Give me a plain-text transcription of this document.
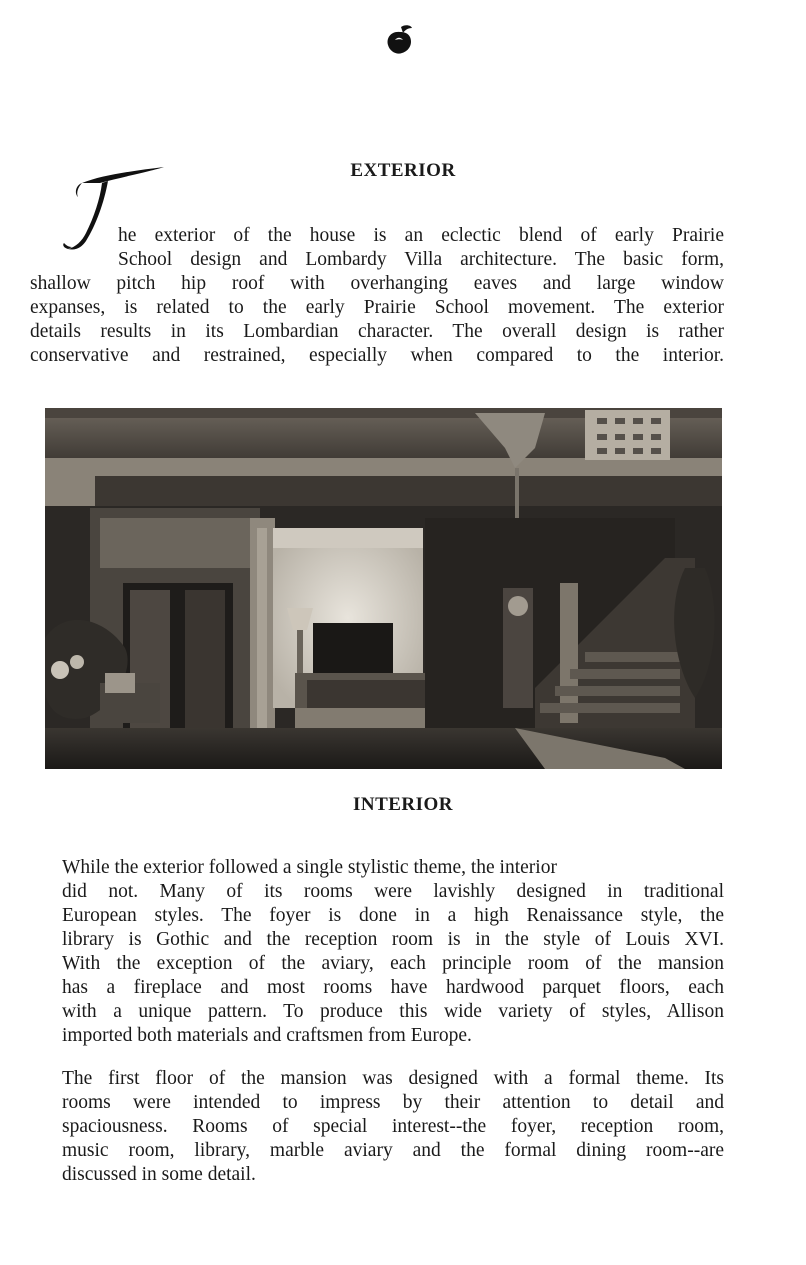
EXTERIOR

he exterior of the house is an eclectic blend of early Prairie
School design and Lombardy Villa architecture. The basic form,
shallow pitch hip roof with overhanging eaves and large window
expanses, is related to the early Prairie School movement. The exterior
details results in its Lombardian character. The overall design is rather
conservative and restrained, especially when compared to the interior.

INTERIOR

While the exterior followed a single stylistic theme, the interior
did not. Many of its rooms were lavishly designed in traditional
European styles. The foyer is done in a high Renaissance style, the
library is Gothic and the reception room is in the style of Louis XVI.
With the exception of the aviary, each principle room of the mansion
has a fireplace and most rooms have hardwood parquet floors, each
with a unique pattern. To produce this wide variety of styles, Allison
imported both materials and craftsmen from Europe.

The first floor of the mansion was designed with a formal theme. Its
rooms were intended to impress by their attention to detail and
spaciousness. Rooms of special interest--the foyer, reception room,
music room, library, marble aviary and the formal dining room--are
discussed in some detail.
